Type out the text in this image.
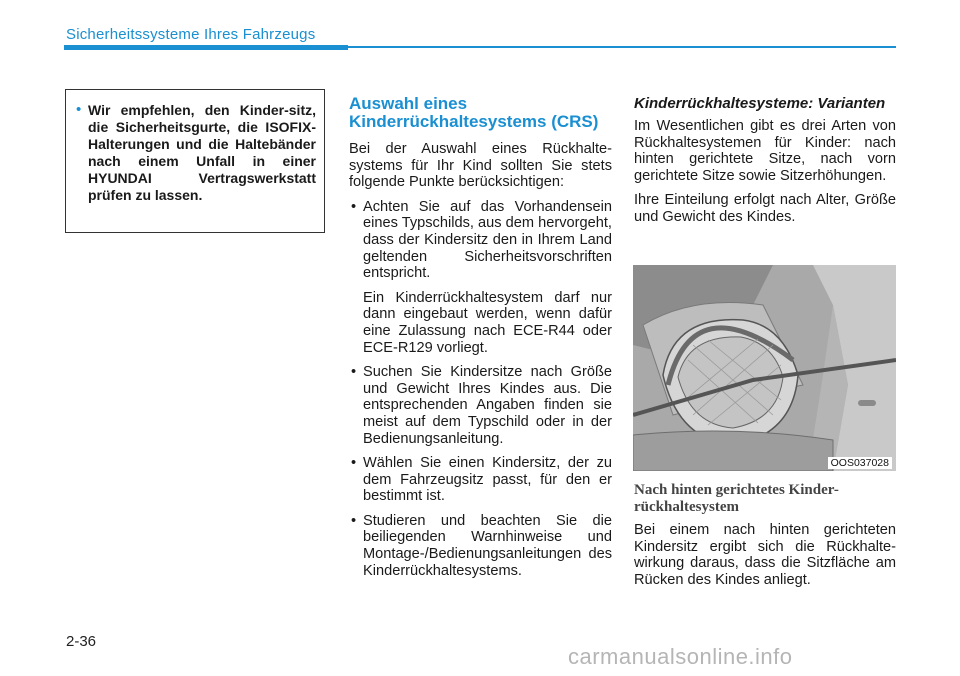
Sicherheitssysteme Ihres Fahrzeugs
• Wir empfehlen, den Kinder-sitz, die Sicherheitsgurte, die ISOFIX-Halterungen und die Haltebänder nach einem Unfall in einer HYUNDAI Vertragswerkstatt prüfen zu lassen.
Auswahl eines Kinderrückhaltesystems (CRS)

Bei der Auswahl eines Rückhalte-systems für Ihr Kind sollten Sie stets folgende Punkte berücksichtigen:

• Achten Sie auf das Vorhandensein eines Typschilds, aus dem hervorgeht, dass der Kindersitz den in Ihrem Land geltenden Sicherheitsvorschriften entspricht.

Ein Kinderrückhaltesystem darf nur dann eingebaut werden, wenn dafür eine Zulassung nach ECE-R44 oder ECE-R129 vorliegt.

• Suchen Sie Kindersitze nach Größe und Gewicht Ihres Kindes aus. Die entsprechenden Angaben finden sie meist auf dem Typschild oder in der Bedienungsanleitung.
• Wählen Sie einen Kindersitz, der zu dem Fahrzeugsitz passt, für den er bestimmt ist.
• Studieren und beachten Sie die beiliegenden Warnhinweise und Montage-/Bedienungsanleitungen des Kinderrückhaltesystems.
Kinderrückhaltesysteme: Varianten

Im Wesentlichen gibt es drei Arten von Rückhaltesystemen für Kinder: nach hinten gerichtete Sitze, nach vorn gerichtete Sitze sowie Sitzerhöhungen.

Ihre Einteilung erfolgt nach Alter, Größe und Gewicht des Kindes.

OOS037028
Nach hinten gerichtetes Kinder-rückhaltesystem

Bei einem nach hinten gerichteten Kindersitz ergibt sich die Rückhalte-wirkung daraus, dass die Sitzfläche am Rücken des Kindes anliegt.

2-36
carmanualsonline.info
